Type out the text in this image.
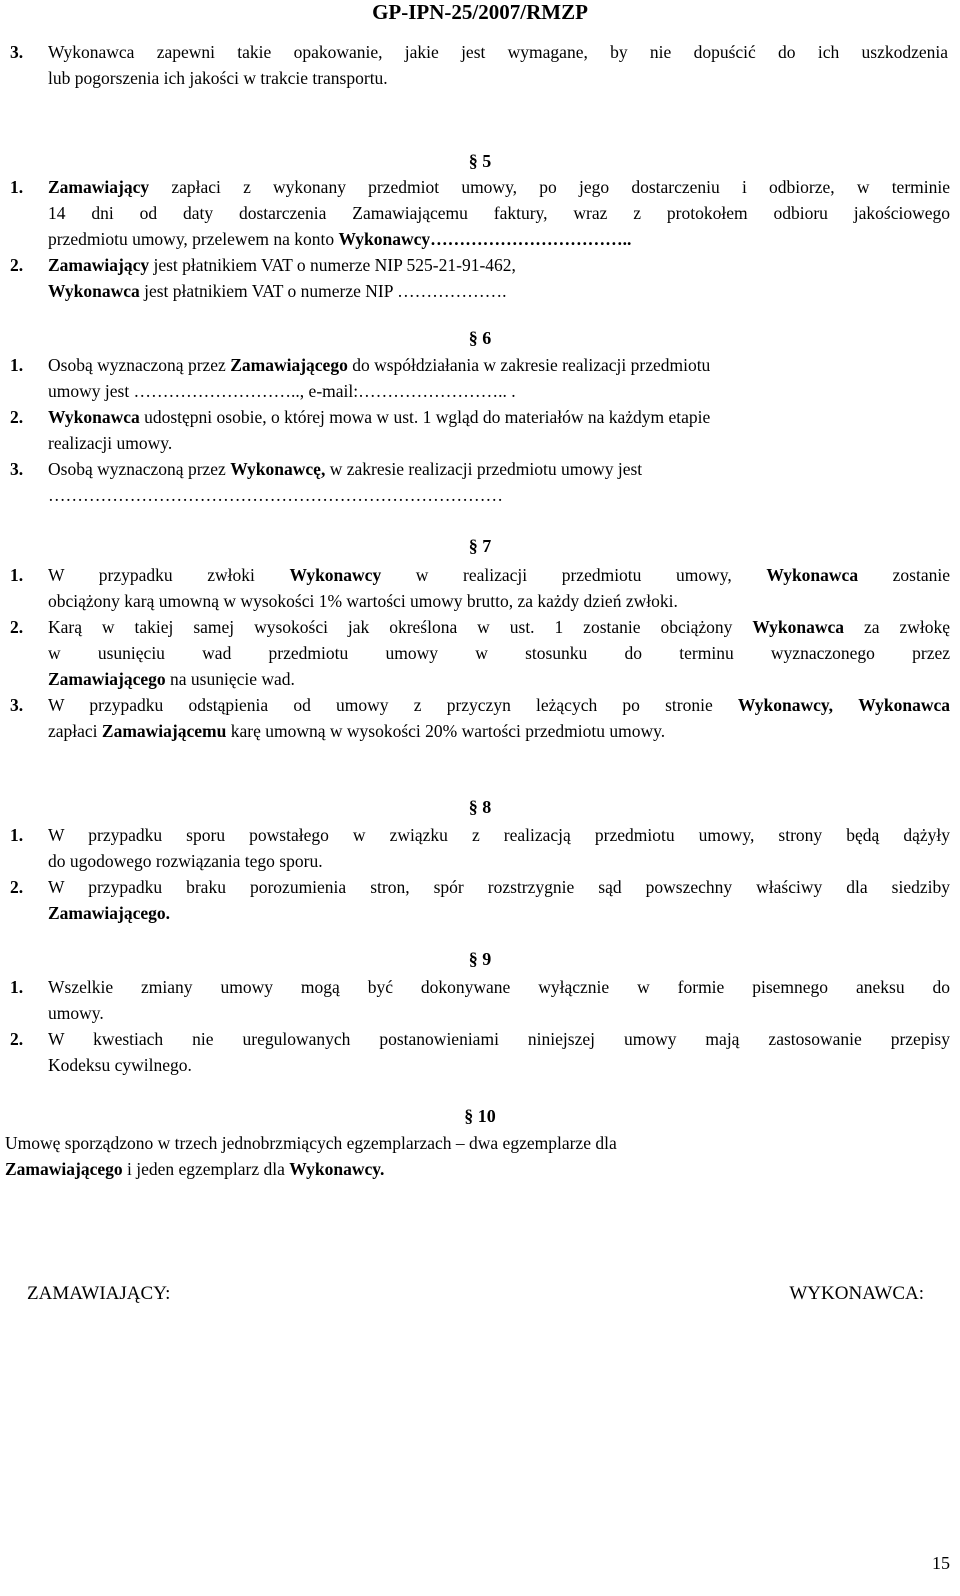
GP-IPN-25/2007/RMZP
3. Wykonawca zapewni takie opakowanie, jakie jest wymagane, by nie dopuścić do ich uszkodzenia
lub pogorszenia ich jakości w trakcie transportu.
§ 5
1. Zamawiający zapłaci z wykonany przedmiot umowy, po jego dostarczeniu i odbiorze, w terminie
14 dni od daty dostarczenia Zamawiającemu faktury, wraz z protokołem odbioru jakościowego
przedmiotu umowy, przelewem na konto Wykonawcy……………………………..
2. Zamawiający jest płatnikiem VAT o numerze NIP 525-21-91-462,
Wykonawca jest płatnikiem VAT o numerze NIP ……………….
§ 6
1. Osobą wyznaczoną przez Zamawiającego do współdziałania w zakresie realizacji przedmiotu
umowy jest ……………………….., e-mail:…………………….. .
2. Wykonawca udostępni osobie, o której mowa w ust. 1 wgląd do materiałów na każdym etapie
realizacji umowy.
3. Osobą wyznaczoną przez Wykonawcę, w zakresie realizacji przedmiotu umowy jest
……………………………………………………………………
§ 7
1. W przypadku zwłoki Wykonawcy w realizacji przedmiotu umowy, Wykonawca zostanie
obciążony karą umowną w wysokości 1% wartości umowy brutto, za każdy dzień zwłoki.
2. Karą w takiej samej wysokości jak określona w ust. 1 zostanie obciążony Wykonawca za zwłokę
w usunięciu wad przedmiotu umowy w stosunku do terminu wyznaczonego przez
Zamawiającego na usunięcie wad.
3. W przypadku odstąpienia od umowy z przyczyn leżących po stronie Wykonawcy, Wykonawca
zapłaci Zamawiającemu karę umowną w wysokości 20% wartości przedmiotu umowy.
§ 8
1. W przypadku sporu powstałego w związku z realizacją przedmiotu umowy, strony będą dążyły
do ugodowego rozwiązania tego sporu.
2. W przypadku braku porozumienia stron, spór rozstrzygnie sąd powszechny właściwy dla siedziby
Zamawiającego.
§ 9
1. Wszelkie zmiany umowy mogą być dokonywane wyłącznie w formie pisemnego aneksu do
umowy.
2. W kwestiach nie uregulowanych postanowieniami niniejszej umowy mają zastosowanie przepisy
Kodeksu cywilnego.
§ 10
Umowę sporządzono w trzech jednobrzmiących egzemplarzach – dwa egzemplarze dla
Zamawiającego i jeden egzemplarz dla Wykonawcy.
ZAMAWIAJĄCY:	WYKONAWCA:
15
